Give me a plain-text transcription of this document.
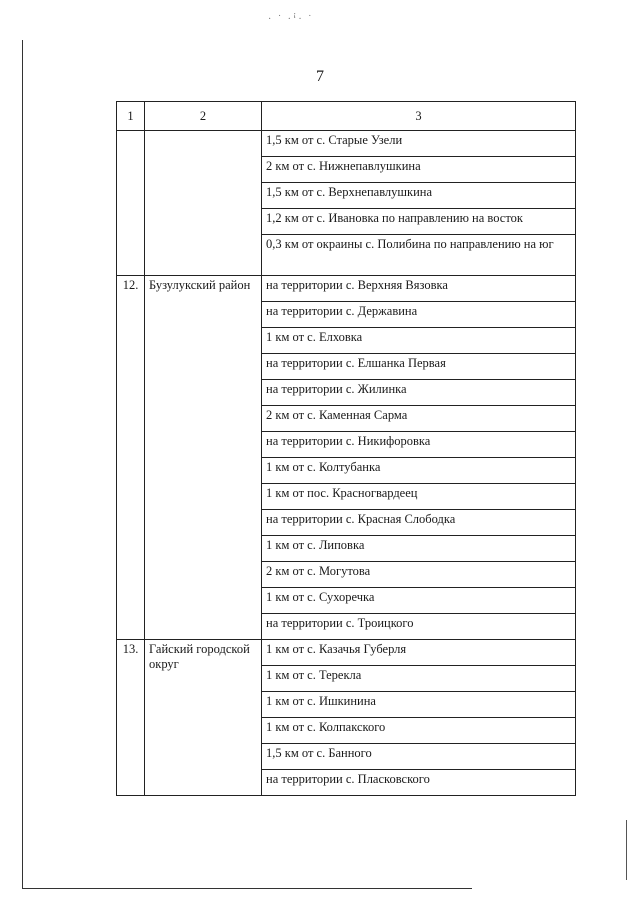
· ˙ ·ꜞ· ˙
7
1	2	3
		1,5 км от с. Старые Узели
		2 км от с. Нижнепавлушкина
		1,5 км от с. Верхнепавлушкина
		1,2 км от с. Ивановка по направлению на восток
		0,3 км от окраины с. Полибина по направлению на юг
12.	Бузулукский район	на территории с. Верхняя Вязовка
		на территории с. Державина
		1 км от с. Елховка
		на территории с. Елшанка Первая
		на территории с. Жилинка
		2 км от с. Каменная Сарма
		на территории с. Никифоровка
		1 км от с. Колтубанка
		1 км от пос. Красногвардеец
		на территории с. Красная Слободка
		1 км от с. Липовка
		2 км от с. Могутова
		1 км от с. Сухоречка
		на территории с. Троицкого
13.	Гайский городской округ	1 км от с. Казачья Губерля
		1 км от с. Терекла
		1 км от с. Ишкинина
		1 км от с. Колпакского
		1,5 км от с. Банного
		на территории с. Пласковского
